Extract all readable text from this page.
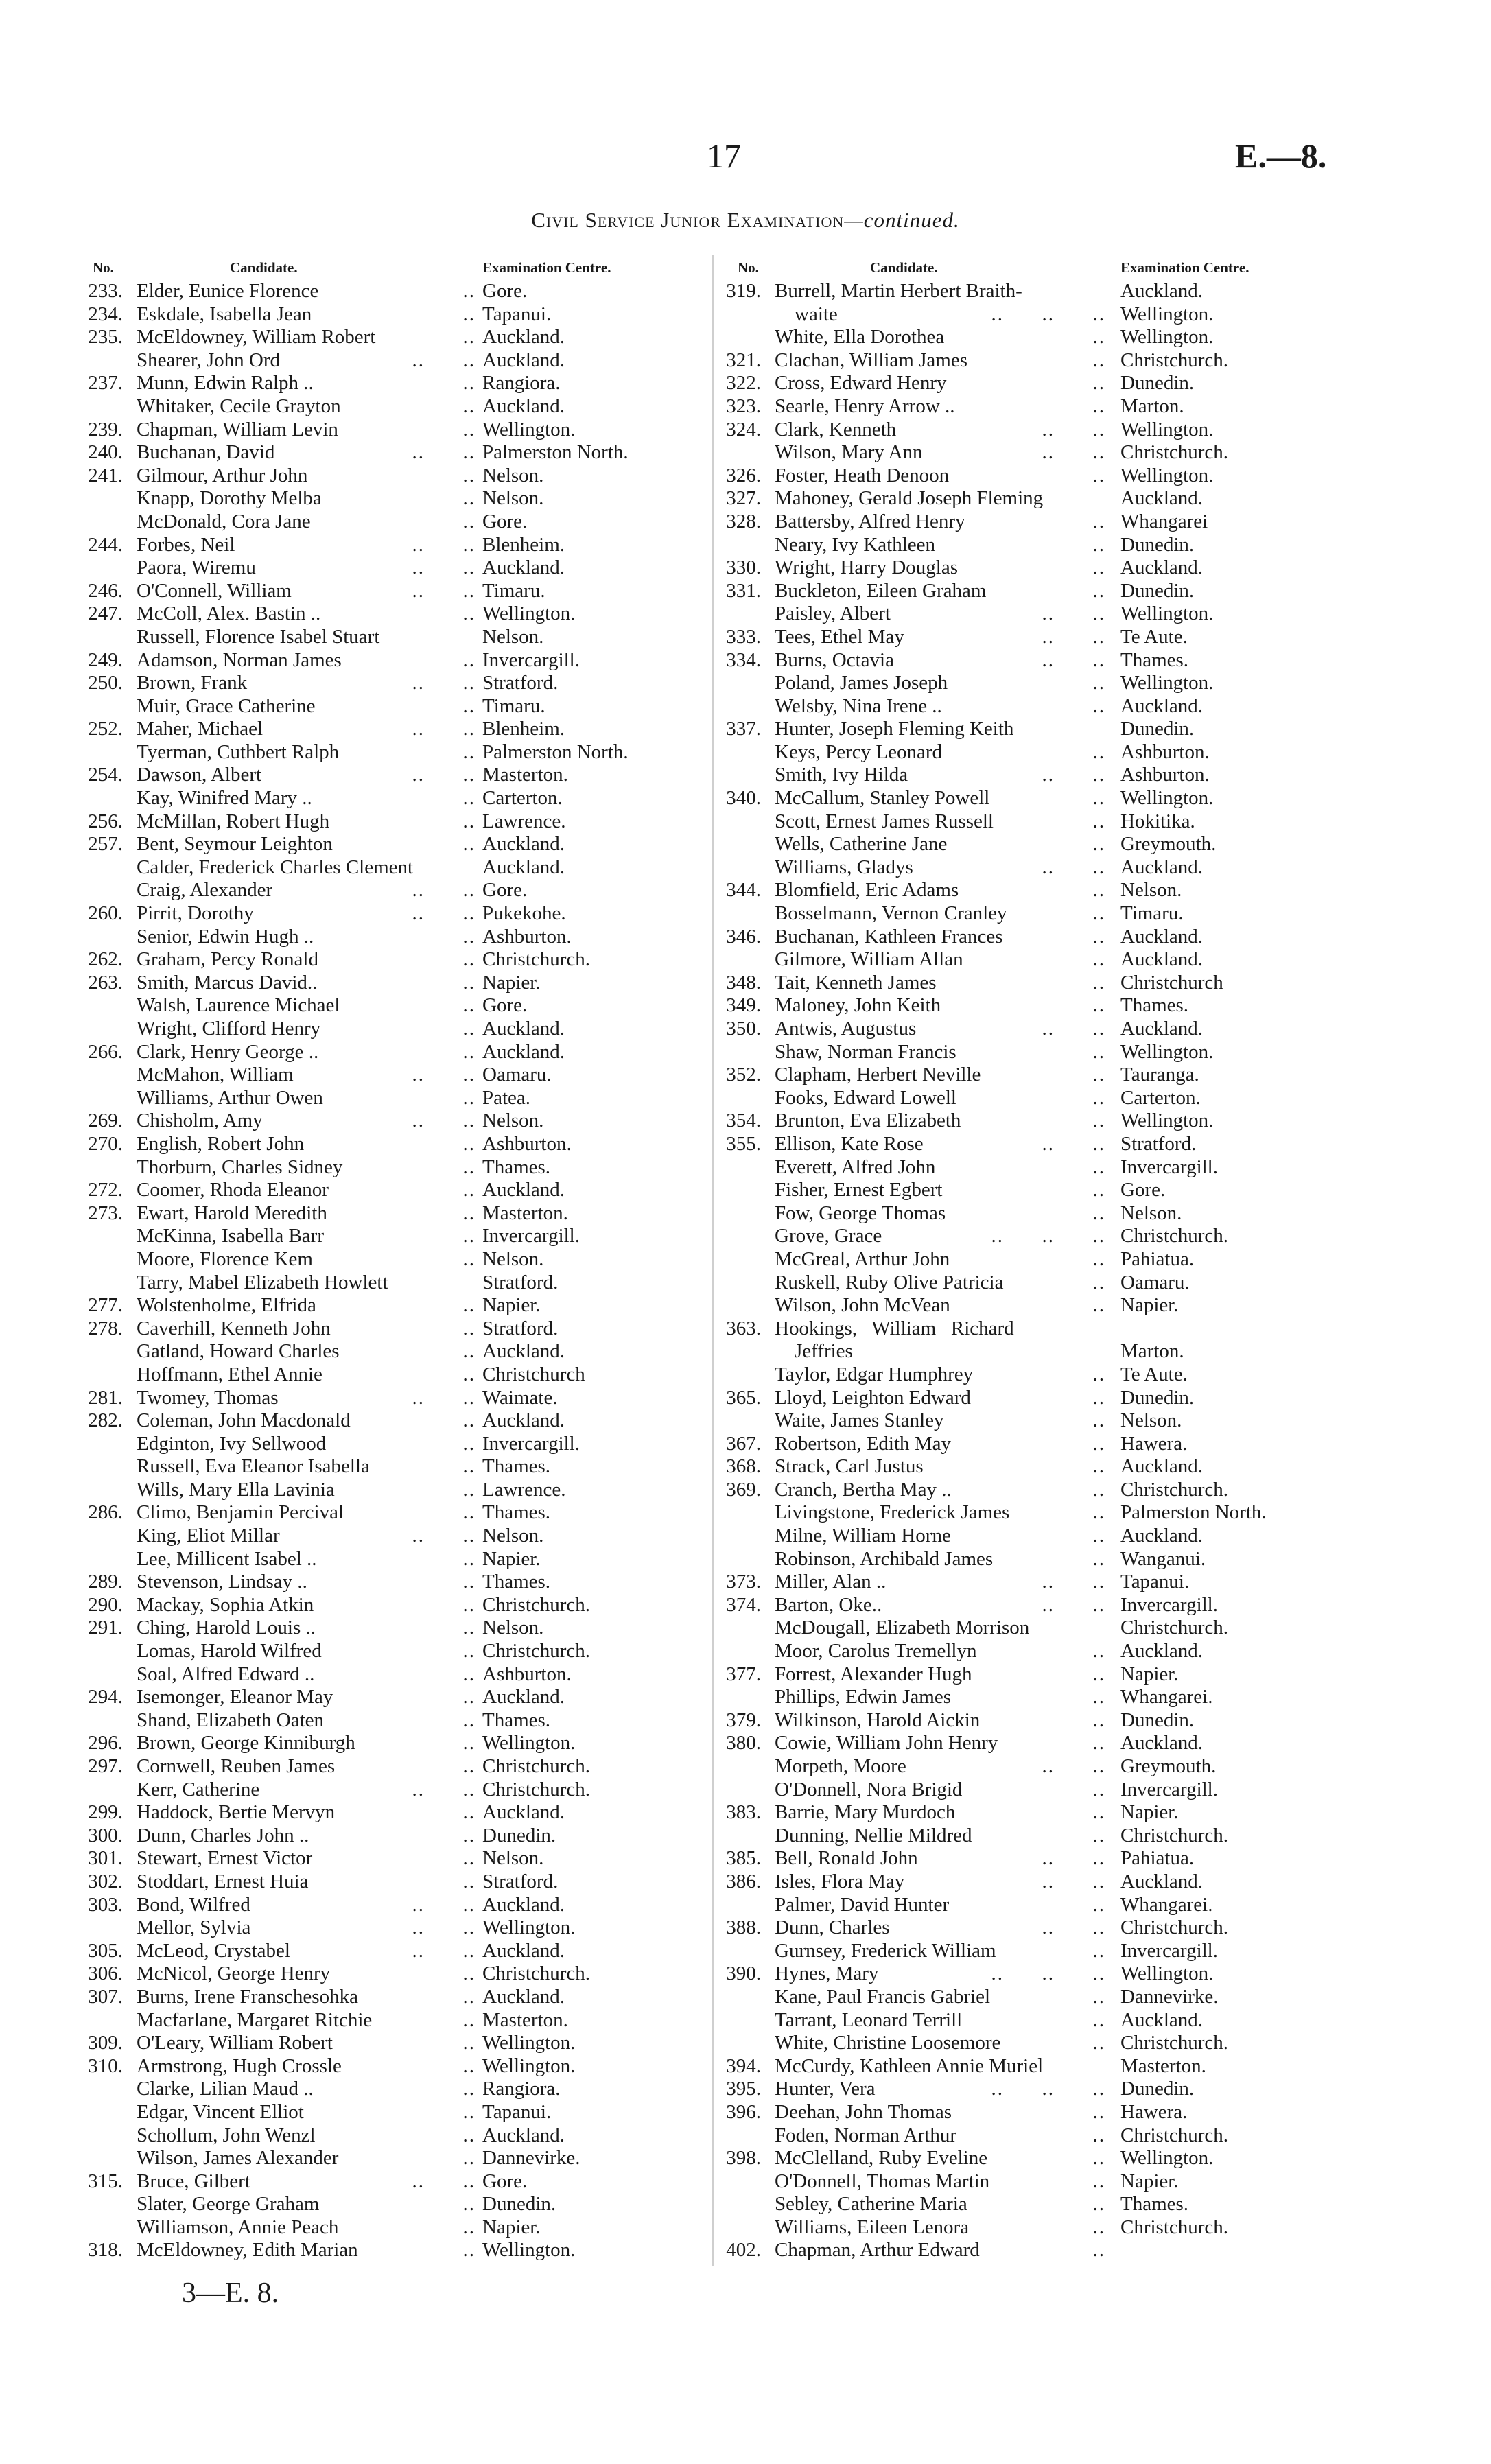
17	E.—8.
Civil Service Junior Examination—continued.
No.	Candidate.	Examination Centre.
233. Elder, Eunice Florence	.. Gore.
234. Eskdale, Isabella Jean	.. Tapanui.
235. McEldowney, William Robert	.. Auckland.
Shearer, John Ord	..      .. Auckland.
237. Munn, Edwin Ralph ..	.. Rangiora.
Whitaker, Cecile Grayton	.. Auckland.
239. Chapman, William Levin	.. Wellington.
240. Buchanan, David	..      .. Palmerston North.
241. Gilmour, Arthur John	.. Nelson.
Knapp, Dorothy Melba	.. Nelson.
McDonald, Cora Jane	.. Gore.
244. Forbes, Neil	..      .. Blenheim.
Paora, Wiremu	..      .. Auckland.
246. O'Connell, William	..      .. Timaru.
247. McColl, Alex. Bastin ..	.. Wellington.
Russell, Florence Isabel Stuart	Nelson.
249. Adamson, Norman James	.. Invercargill.
250. Brown, Frank	..      .. Stratford.
Muir, Grace Catherine	.. Timaru.
252. Maher, Michael	..      .. Blenheim.
Tyerman, Cuthbert Ralph	.. Palmerston North.
254. Dawson, Albert	..      .. Masterton.
Kay, Winifred Mary ..	.. Carterton.
256. McMillan, Robert Hugh	.. Lawrence.
257. Bent, Seymour Leighton	.. Auckland.
Calder, Frederick Charles Clement	Auckland.
Craig, Alexander	..      .. Gore.
260. Pirrit, Dorothy	..      .. Pukekohe.
Senior, Edwin Hugh ..	.. Ashburton.
262. Graham, Percy Ronald	.. Christchurch.
263. Smith, Marcus David..	.. Napier.
Walsh, Laurence Michael	.. Gore.
Wright, Clifford Henry	.. Auckland.
266. Clark, Henry George ..	.. Auckland.
McMahon, William	..      .. Oamaru.
Williams, Arthur Owen	.. Patea.
269. Chisholm, Amy	..      .. Nelson.
270. English, Robert John	.. Ashburton.
Thorburn, Charles Sidney	.. Thames.
272. Coomer, Rhoda Eleanor	.. Auckland.
273. Ewart, Harold Meredith	.. Masterton.
McKinna, Isabella Barr	.. Invercargill.
Moore, Florence Kem	.. Nelson.
Tarry, Mabel Elizabeth Howlett	Stratford.
277. Wolstenholme, Elfrida	.. Napier.
278. Caverhill, Kenneth John	.. Stratford.
Gatland, Howard Charles	.. Auckland.
Hoffmann, Ethel Annie	.. Christchurch
281. Twomey, Thomas	..      .. Waimate.
282. Coleman, John Macdonald	.. Auckland.
Edginton, Ivy Sellwood	.. Invercargill.
Russell, Eva Eleanor Isabella	.. Thames.
Wills, Mary Ella Lavinia	.. Lawrence.
286. Climo, Benjamin Percival	.. Thames.
King, Eliot Millar	..      .. Nelson.
Lee, Millicent Isabel ..	.. Napier.
289. Stevenson, Lindsay ..	.. Thames.
290. Mackay, Sophia Atkin	.. Christchurch.
291. Ching, Harold Louis ..	.. Nelson.
Lomas, Harold Wilfred	.. Christchurch.
Soal, Alfred Edward ..	.. Ashburton.
294. Isemonger, Eleanor May	.. Auckland.
Shand, Elizabeth Oaten	.. Thames.
296. Brown, George Kinniburgh	.. Wellington.
297. Cornwell, Reuben James	.. Christchurch.
Kerr, Catherine	..      .. Christchurch.
299. Haddock, Bertie Mervyn	.. Auckland.
300. Dunn, Charles John ..	.. Dunedin.
301. Stewart, Ernest Victor	.. Nelson.
302. Stoddart, Ernest Huia	.. Stratford.
303. Bond, Wilfred	..      .. Auckland.
Mellor, Sylvia	..      .. Wellington.
305. McLeod, Crystabel	..      .. Auckland.
306. McNicol, George Henry	.. Christchurch.
307. Burns, Irene Franschesohka	.. Auckland.
Macfarlane, Margaret Ritchie	.. Masterton.
309. O'Leary, William Robert	.. Wellington.
310. Armstrong, Hugh Crossle	.. Wellington.
Clarke, Lilian Maud ..	.. Rangiora.
Edgar, Vincent Elliot	.. Tapanui.
Schollum, John Wenzl	.. Auckland.
Wilson, James Alexander	.. Dannevirke.
315. Bruce, Gilbert	..      .. Gore.
Slater, George Graham	.. Dunedin.
Williamson, Annie Peach	.. Napier.
318. McEldowney, Edith Marian	.. Wellington.
No.	Candidate.	Examination Centre.
319. Burrell, Martin Herbert Braith-	Auckland.
waite	..      ..      .. Wellington.
White, Ella Dorothea	.. Wellington.
321. Clachan, William James	.. Christchurch.
322. Cross, Edward Henry	.. Dunedin.
323. Searle, Henry Arrow ..	.. Marton.
324. Clark, Kenneth	..      .. Wellington.
Wilson, Mary Ann	..      .. Christchurch.
326. Foster, Heath Denoon	.. Wellington.
327. Mahoney, Gerald Joseph Fleming	Auckland.
328. Battersby, Alfred Henry	.. Whangarei
Neary, Ivy Kathleen	.. Dunedin.
330. Wright, Harry Douglas	.. Auckland.
331. Buckleton, Eileen Graham	.. Dunedin.
Paisley, Albert	..      .. Wellington.
333. Tees, Ethel May	..      .. Te Aute.
334. Burns, Octavia	..      .. Thames.
Poland, James Joseph	.. Wellington.
Welsby, Nina Irene ..	.. Auckland.
337. Hunter, Joseph Fleming Keith	Dunedin.
Keys, Percy Leonard	.. Ashburton.
Smith, Ivy Hilda	..      .. Ashburton.
340. McCallum, Stanley Powell	.. Wellington.
Scott, Ernest James Russell	.. Hokitika.
Wells, Catherine Jane	.. Greymouth.
Williams, Gladys	..      .. Auckland.
344. Blomfield, Eric Adams	.. Nelson.
Bosselmann, Vernon Cranley	.. Timaru.
346. Buchanan, Kathleen Frances	.. Auckland.
Gilmore, William Allan	.. Auckland.
348. Tait, Kenneth James	.. Christchurch
349. Maloney, John Keith	.. Thames.
350. Antwis, Augustus	..      .. Auckland.
Shaw, Norman Francis	.. Wellington.
352. Clapham, Herbert Neville	.. Tauranga.
Fooks, Edward Lowell	.. Carterton.
354. Brunton, Eva Elizabeth	.. Wellington.
355. Ellison, Kate Rose	..      .. Stratford.
Everett, Alfred John	.. Invercargill.
Fisher, Ernest Egbert	.. Gore.
Fow, George Thomas	.. Nelson.
Grove, Grace	..      ..      .. Christchurch.
McGreal, Arthur John	.. Pahiatua.
Ruskell, Ruby Olive Patricia	.. Oamaru.
Wilson, John McVean	.. Napier.
363. Hookings,   William   Richard
Jeffries	Marton.
Taylor, Edgar Humphrey	.. Te Aute.
365. Lloyd, Leighton Edward	.. Dunedin.
Waite, James Stanley	.. Nelson.
367. Robertson, Edith May	.. Hawera.
368. Strack, Carl Justus	.. Auckland.
369. Cranch, Bertha May ..	.. Christchurch.
Livingstone, Frederick James	.. Palmerston North.
Milne, William Horne	.. Auckland.
Robinson, Archibald James	.. Wanganui.
373. Miller, Alan ..	..      .. Tapanui.
374. Barton, Oke..	..      .. Invercargill.
McDougall, Elizabeth Morrison	Christchurch.
Moor, Carolus Tremellyn	.. Auckland.
377. Forrest, Alexander Hugh	.. Napier.
Phillips, Edwin James	.. Whangarei.
379. Wilkinson, Harold Aickin	.. Dunedin.
380. Cowie, William John Henry	.. Auckland.
Morpeth, Moore	..      .. Greymouth.
O'Donnell, Nora Brigid	.. Invercargill.
383. Barrie, Mary Murdoch	.. Napier.
Dunning, Nellie Mildred	.. Christchurch.
385. Bell, Ronald John	..      .. Pahiatua.
386. Isles, Flora May	..      .. Auckland.
Palmer, David Hunter	.. Whangarei.
388. Dunn, Charles	..      .. Christchurch.
Gurnsey, Frederick William	.. Invercargill.
390. Hynes, Mary	..      ..      .. Wellington.
Kane, Paul Francis Gabriel	.. Dannevirke.
Tarrant, Leonard Terrill	.. Auckland.
White, Christine Loosemore	.. Christchurch.
394. McCurdy, Kathleen Annie Muriel	Masterton.
395. Hunter, Vera	..      ..      .. Dunedin.
396. Deehan, John Thomas	.. Hawera.
Foden, Norman Arthur	.. Christchurch.
398. McClelland, Ruby Eveline	.. Wellington.
O'Donnell, Thomas Martin	.. Napier.
Sebley, Catherine Maria	.. Thames.
Williams, Eileen Lenora	.. Christchurch.
402. Chapman, Arthur Edward	..
3—E. 8.
